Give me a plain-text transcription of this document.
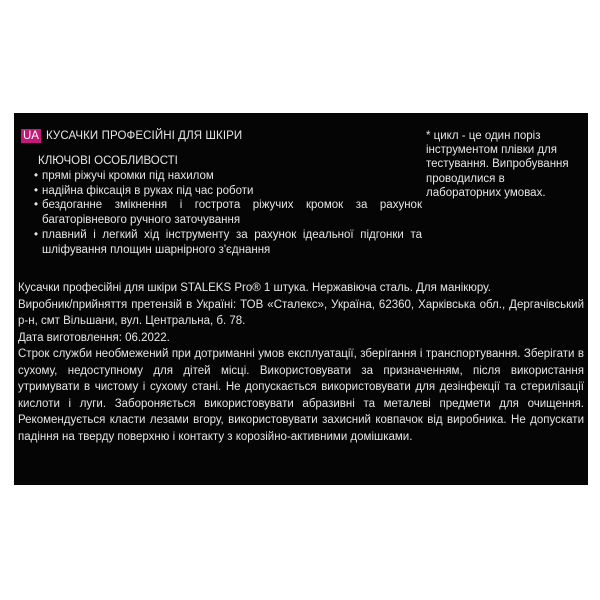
UA КУСАЧКИ ПРОФЕСІЙНІ ДЛЯ ШКІРИ
КЛЮЧОВІ ОСОБЛИВОСТІ
• прямі ріжучі кромки під нахилом
• надійна фіксація в руках під час роботи
• бездоганне змікнення і гострота ріжучих кромок за рахунок багаторівневого ручного заточування
• плавний і легкий хід інструменту за рахунок ідеальної підгонки та шліфування площин шарнірного з'єднання
* цикл - це один поріз інструментом плівки для тестування. Випробування проводилися в лабораторних умовах.

Кусачки професійні для шкіри STALEKS Pro® 1 штука. Нержавіюча сталь. Для манікюру.

Виробник/прийняття претензій в Україні: ТОВ «Сталекс», Україна, 62360, Харківська обл., Дергачівський р-н, смт Вільшани, вул. Центральна, б. 78.

Дата виготовлення: 06.2022.

Строк служби необмежений при дотриманні умов експлуатації, зберігання і транспортування. Зберігати в сухому, недоступному для дітей місці. Використовувати за призначенням, після використання утримувати в чистому і сухому стані. Не допускається використовувати для дезінфекції та стерилізації кислоти і луги. Забороняється використовувати абразивні та металеві предмети для очищення. Рекомендується класти лезами вгору, використовувати захисний ковпачок від виробника. Не допускати падіння на тверду поверхню і контакту з корозійно-активними домішками.
